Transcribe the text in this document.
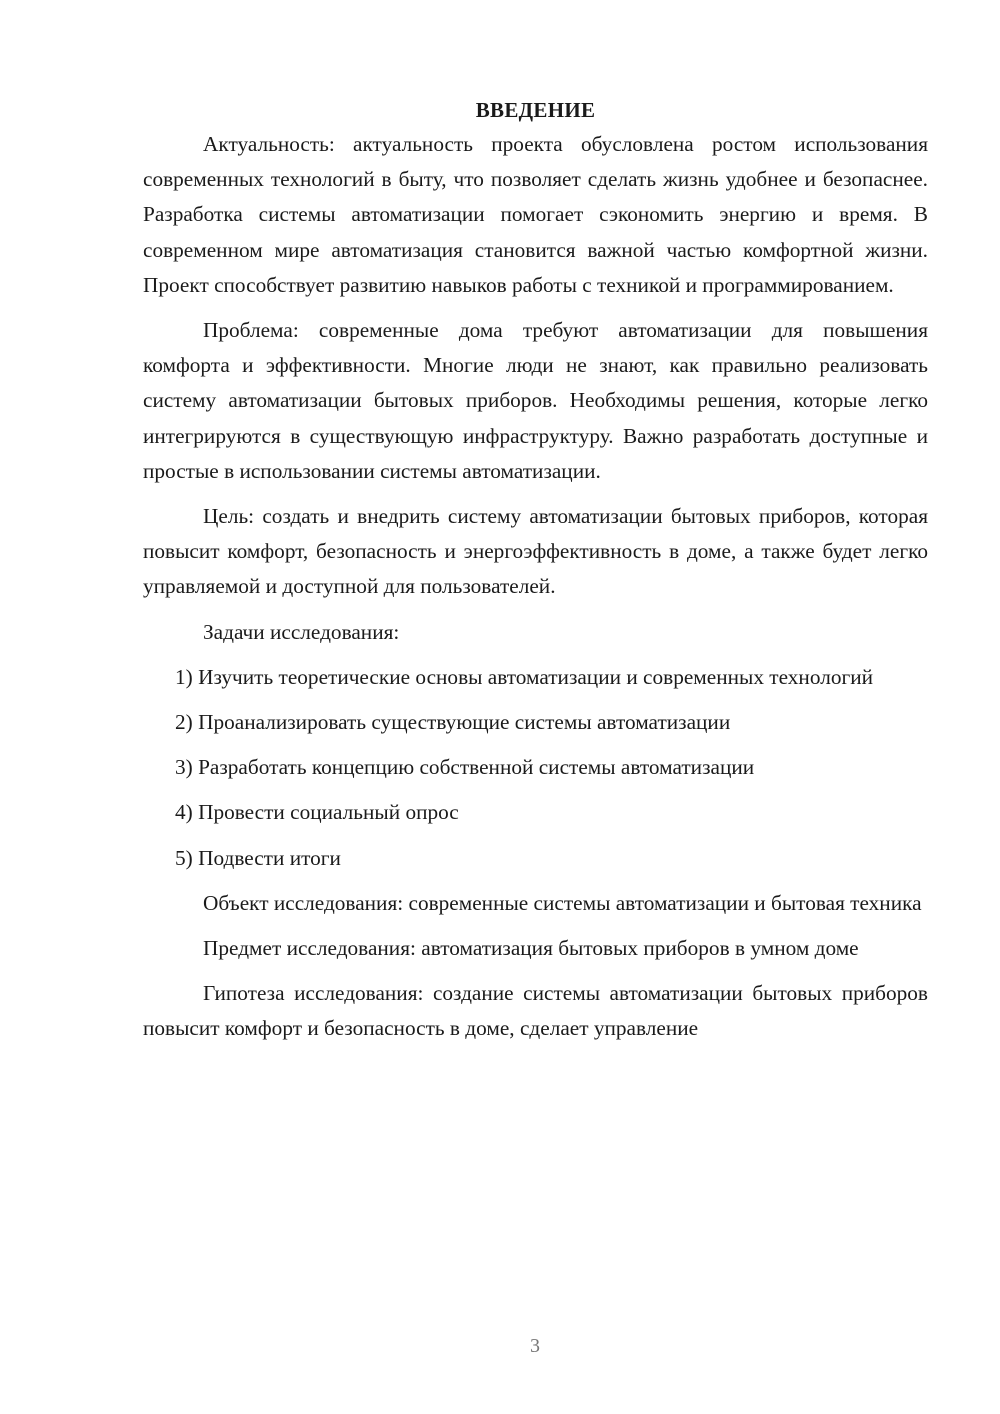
ВВЕДЕНИЕ

Актуальность: актуальность проекта обусловлена ростом использования современных технологий в быту, что позволяет сделать жизнь удобнее и безопаснее. Разработка системы автоматизации помогает сэкономить энергию и время. В современном мире автоматизация становится важной частью комфортной жизни. Проект способствует развитию навыков работы с техникой и программированием.

Проблема: современные дома требуют автоматизации для повышения комфорта и эффективности. Многие люди не знают, как правильно реализовать систему автоматизации бытовых приборов. Необходимы решения, которые легко интегрируются в существующую инфраструктуру. Важно разработать доступные и простые в использовании системы автоматизации.

Цель: создать и внедрить систему автоматизации бытовых приборов, которая повысит комфорт, безопасность и энергоэффективность в доме, а также будет легко управляемой и доступной для пользователей.

Задачи исследования:

1) Изучить теоретические основы автоматизации и современных технологий

2) Проанализировать существующие системы автоматизации

3) Разработать концепцию собственной системы автоматизации

4) Провести социальный опрос

5) Подвести итоги

Объект исследования: современные системы автоматизации и бытовая техника

Предмет исследования: автоматизация бытовых приборов в умном доме

Гипотеза исследования: создание системы автоматизации бытовых приборов повысит комфорт и безопасность в доме, сделает управление

3
